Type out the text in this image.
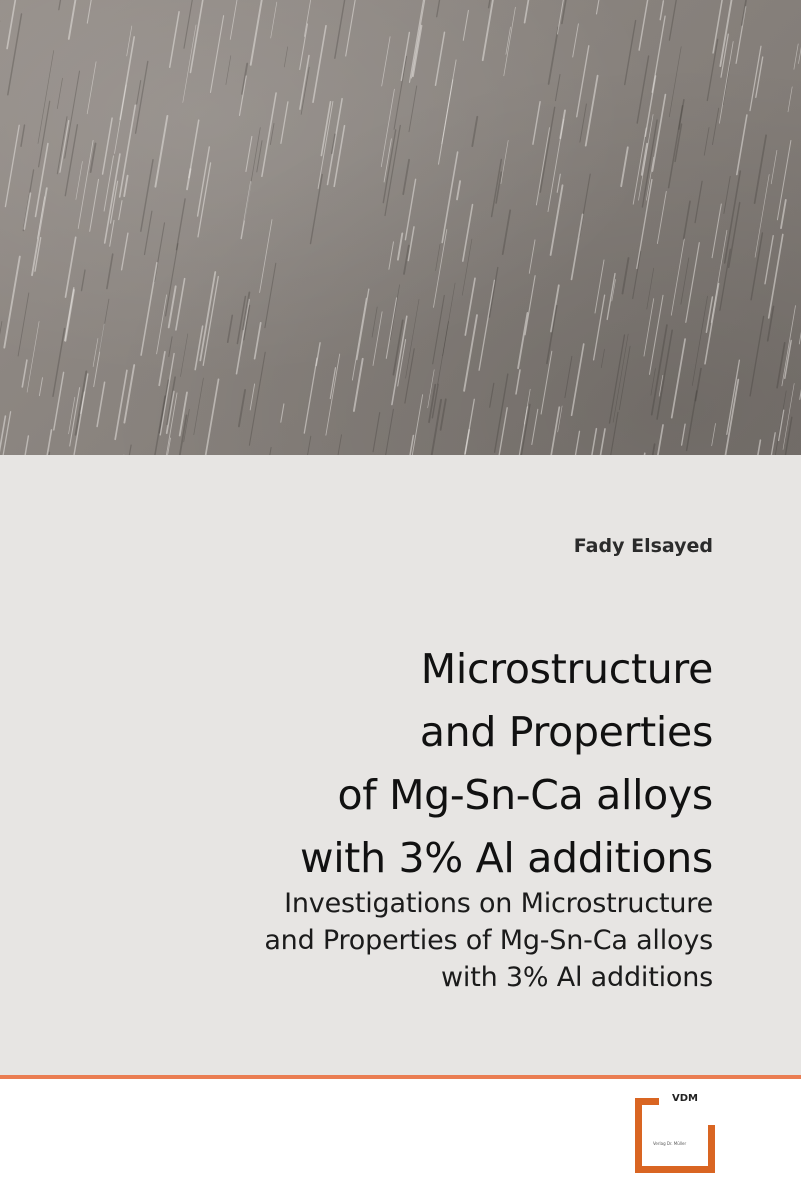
Fady Elsayed
Microstructure
and Properties
of Mg-Sn-Ca alloys
with 3% Al additions
Investigations on Microstructure
and Properties of Mg-Sn-Ca alloys
with 3% Al additions
VDM
Verlag Dr. Müller
